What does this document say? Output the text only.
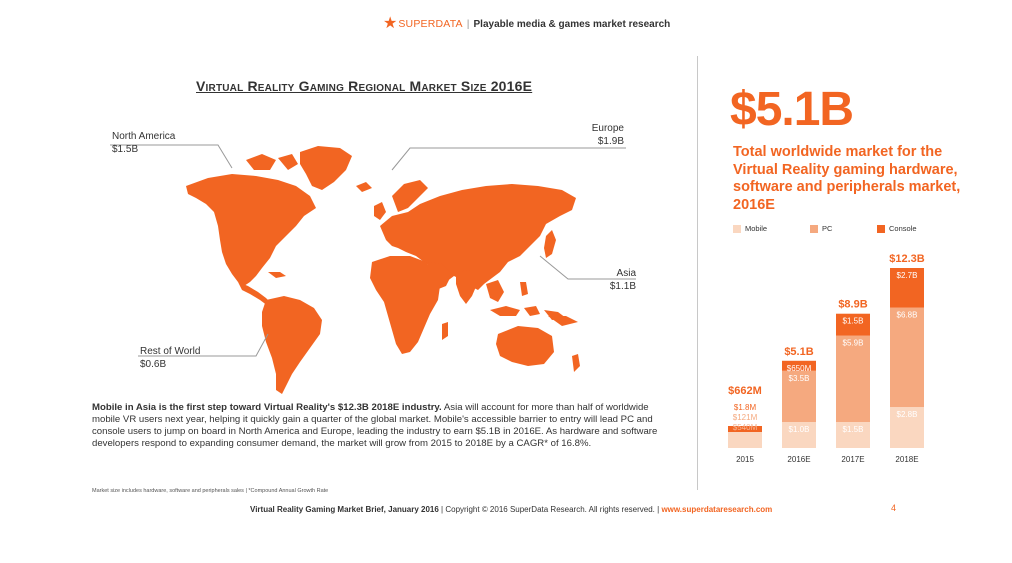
★ SUPERDATA | Playable media & games market research
Virtual Reality Gaming Regional Market Size 2016E
North America
$1.5B
Europe
$1.9B
Asia
$1.1B
Rest of World
$0.6B
Mobile in Asia is the first step toward Virtual Reality's $12.3B 2018E industry. Asia will account for more than half of worldwide mobile VR users next year, helping it quickly gain a quarter of the global market. Mobile's accessible barrier to entry will lead PC and console users to jump on board in North America and Europe, leading the industry to earn $5.1B in 2016E. As hardware and software developers respond to expanding consumer demand, the market will grow from 2015 to 2018E by a CAGR* of 16.8%.
Market size includes hardware, software and peripherals sales | *Compound Annual Growth Rate
Virtual Reality Gaming Market Brief, January 2016 | Copyright © 2016 SuperData Research. All rights reserved. | www.superdataresearch.com	4
$5.1B
Total worldwide market for the Virtual Reality gaming hardware, software and peripherals market, 2016E
Mobile	PC	Console
$1.8M
$121M
$540M
$662M
2015
$1.0B
$3.5B
$650M
$5.1B
2016E
$1.5B
$5.9B
$1.5B
$8.9B
2017E
$2.8B
$6.8B
$2.7B
$12.3B
2018E
